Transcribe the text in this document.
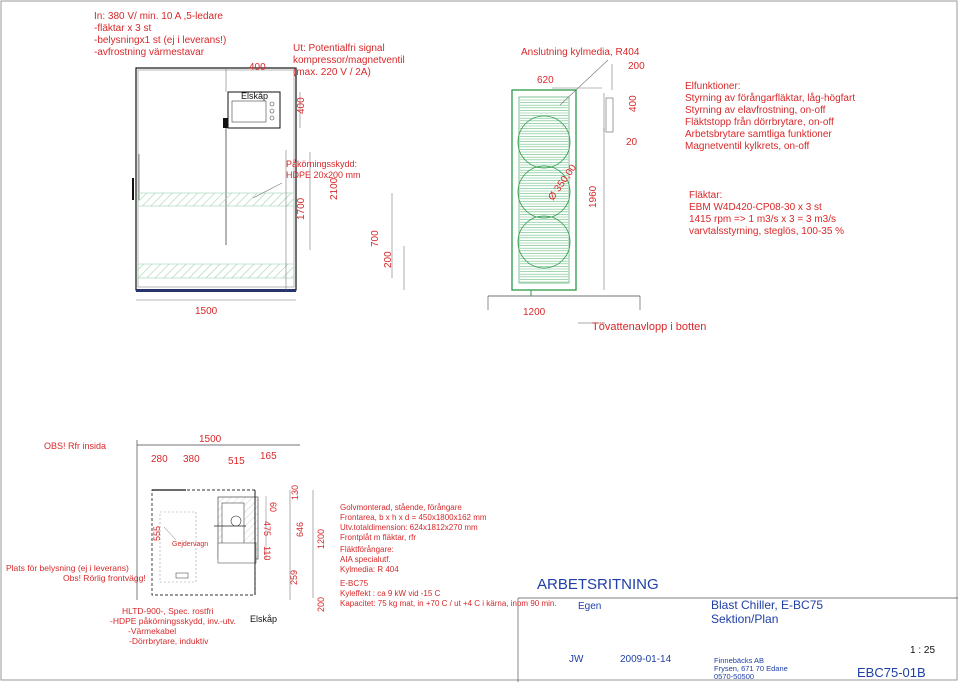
In: 380 V/ min. 10 A ,5-ledare
-fläktar x 3 st
-belysningx1 st (ej i leverans!)
-avfrostning värmestavar	Ut: Potentialfri signal
kompressor/magnetventil
(max. 220 V / 2A)
400
Elskåp
400
Påkörningsskydd:
HDPE 20x200 mm
1700
2100
700
200
1500
Anslutning kylmedia, R404
620
200
400
20
Ø 350,00 1960
1200
Tövattenavlopp i botten
Elfunktioner:
Styrning av förångarfläktar, låg-högfart
Styrning av elavfrostning, on-off
Fläktstopp från dörrbrytare, on-off
Arbetsbrytare samtliga funktioner
Magnetventil kylkrets, on-off
Fläktar:
EBM W4D420-CP08-30 x 3 st
1415 rpm => 1 m3/s x 3 = 3 m3/s
varvtalsstyrning, steglös, 100-35 %
OBS! Rfr insida
1500
280 380	515 165
555
Gejdervagn
60
130
475
110
646 1200
259
200
Plats för belysning (ej i leverans)
Obs! Rörlig frontvägg!
HLTD-900-, Spec. rostfri
-HDPE påkörningsskydd, inv.-utv.
-Värmekabel
-Dörrbrytare, induktiv
Elskåp
Golvmonterad, stående, förångare
Frontarea, b x h x d = 450x1800x162 mm
Utv.totaldimension: 624x1812x270 mm
Frontplåt m fläktar, rfr
Fläktförångare:
AIA specialutf.
Kylmedia: R 404
E-BC75
Kyleffekt : ca 9 kW vid -15 C
Kapacitet: 75 kg mat, in +70 C / ut +4 C i kärna, inom 90 min.
ARBETSRITNING
Egen	Blast Chiller, E-BC75
Sektion/Plan
JW	2009-01-14	Finnebäcks AB
Frysen, 671 70 Edane
0570-50500
1 : 25
EBC75-01B
